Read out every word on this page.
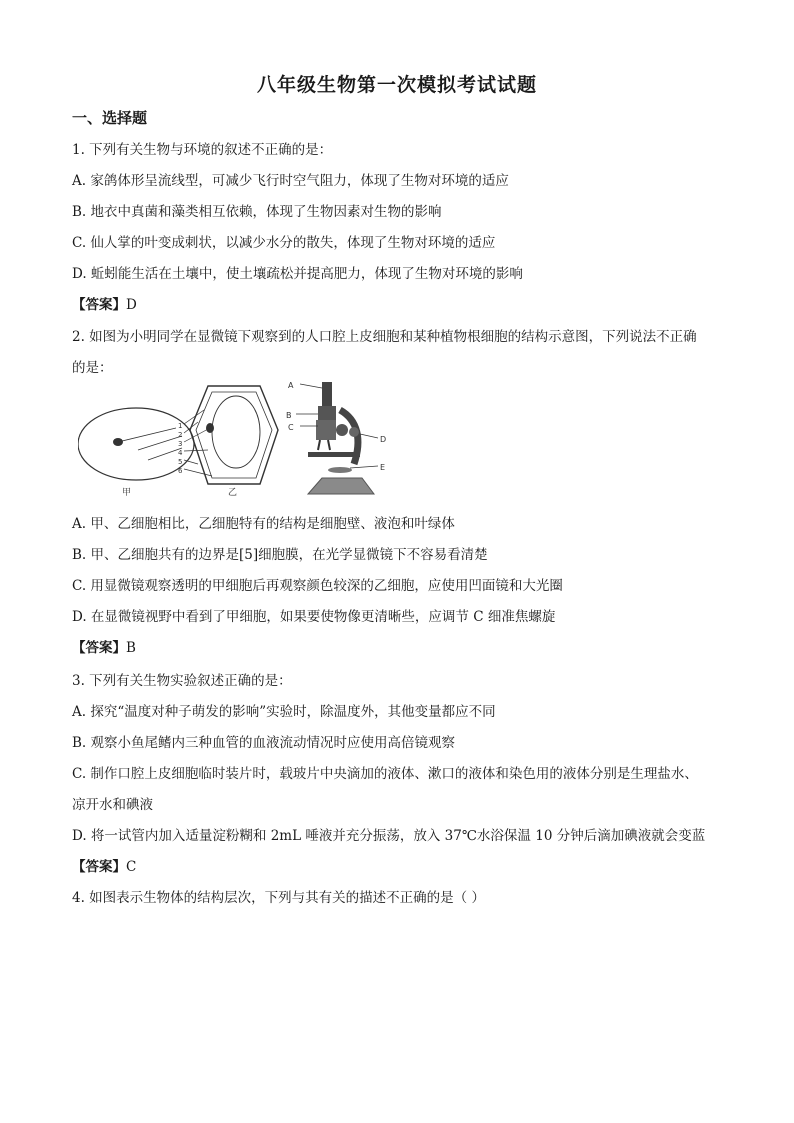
八年级生物第一次模拟考试试题
一、选择题
1. 下列有关生物与环境的叙述不正确的是：
A. 家鸽体形呈流线型，可减少飞行时空气阻力，体现了生物对环境的适应
B. 地衣中真菌和藻类相互依赖，体现了生物因素对生物的影响
C. 仙人掌的叶变成刺状，以减少水分的散失，体现了生物对环境的适应
D. 蚯蚓能生活在土壤中，使土壤疏松并提高肥力，体现了生物对环境的影响
【答案】D
2. 如图为小明同学在显微镜下观察到的人口腔上皮细胞和某种植物根细胞的结构示意图，下列说法不正确
的是：
甲
1
2
3
4
5
6
乙
A
B
C
D
E
A. 甲、乙细胞相比，乙细胞特有的结构是细胞壁、液泡和叶绿体
B. 甲、乙细胞共有的边界是[5]细胞膜，在光学显微镜下不容易看清楚
C. 用显微镜观察透明的甲细胞后再观察颜色较深的乙细胞，应使用凹面镜和大光圈
D. 在显微镜视野中看到了甲细胞，如果要使物像更清晰些，应调节 C 细准焦螺旋
【答案】B
3. 下列有关生物实验叙述正确的是：
A. 探究“温度对种子萌发的影响”实验时，除温度外，其他变量都应不同
B. 观察小鱼尾鳍内三种血管的血液流动情况时应使用高倍镜观察
C. 制作口腔上皮细胞临时装片时，载玻片中央滴加的液体、漱口的液体和染色用的液体分别是生理盐水、
凉开水和碘液
D. 将一试管内加入适量淀粉糊和 2mL 唾液并充分振荡，放入 37℃水浴保温 10 分钟后滴加碘液就会变蓝
【答案】C
4. 如图表示生物体的结构层次，下列与其有关的描述不正确的是（ ）
